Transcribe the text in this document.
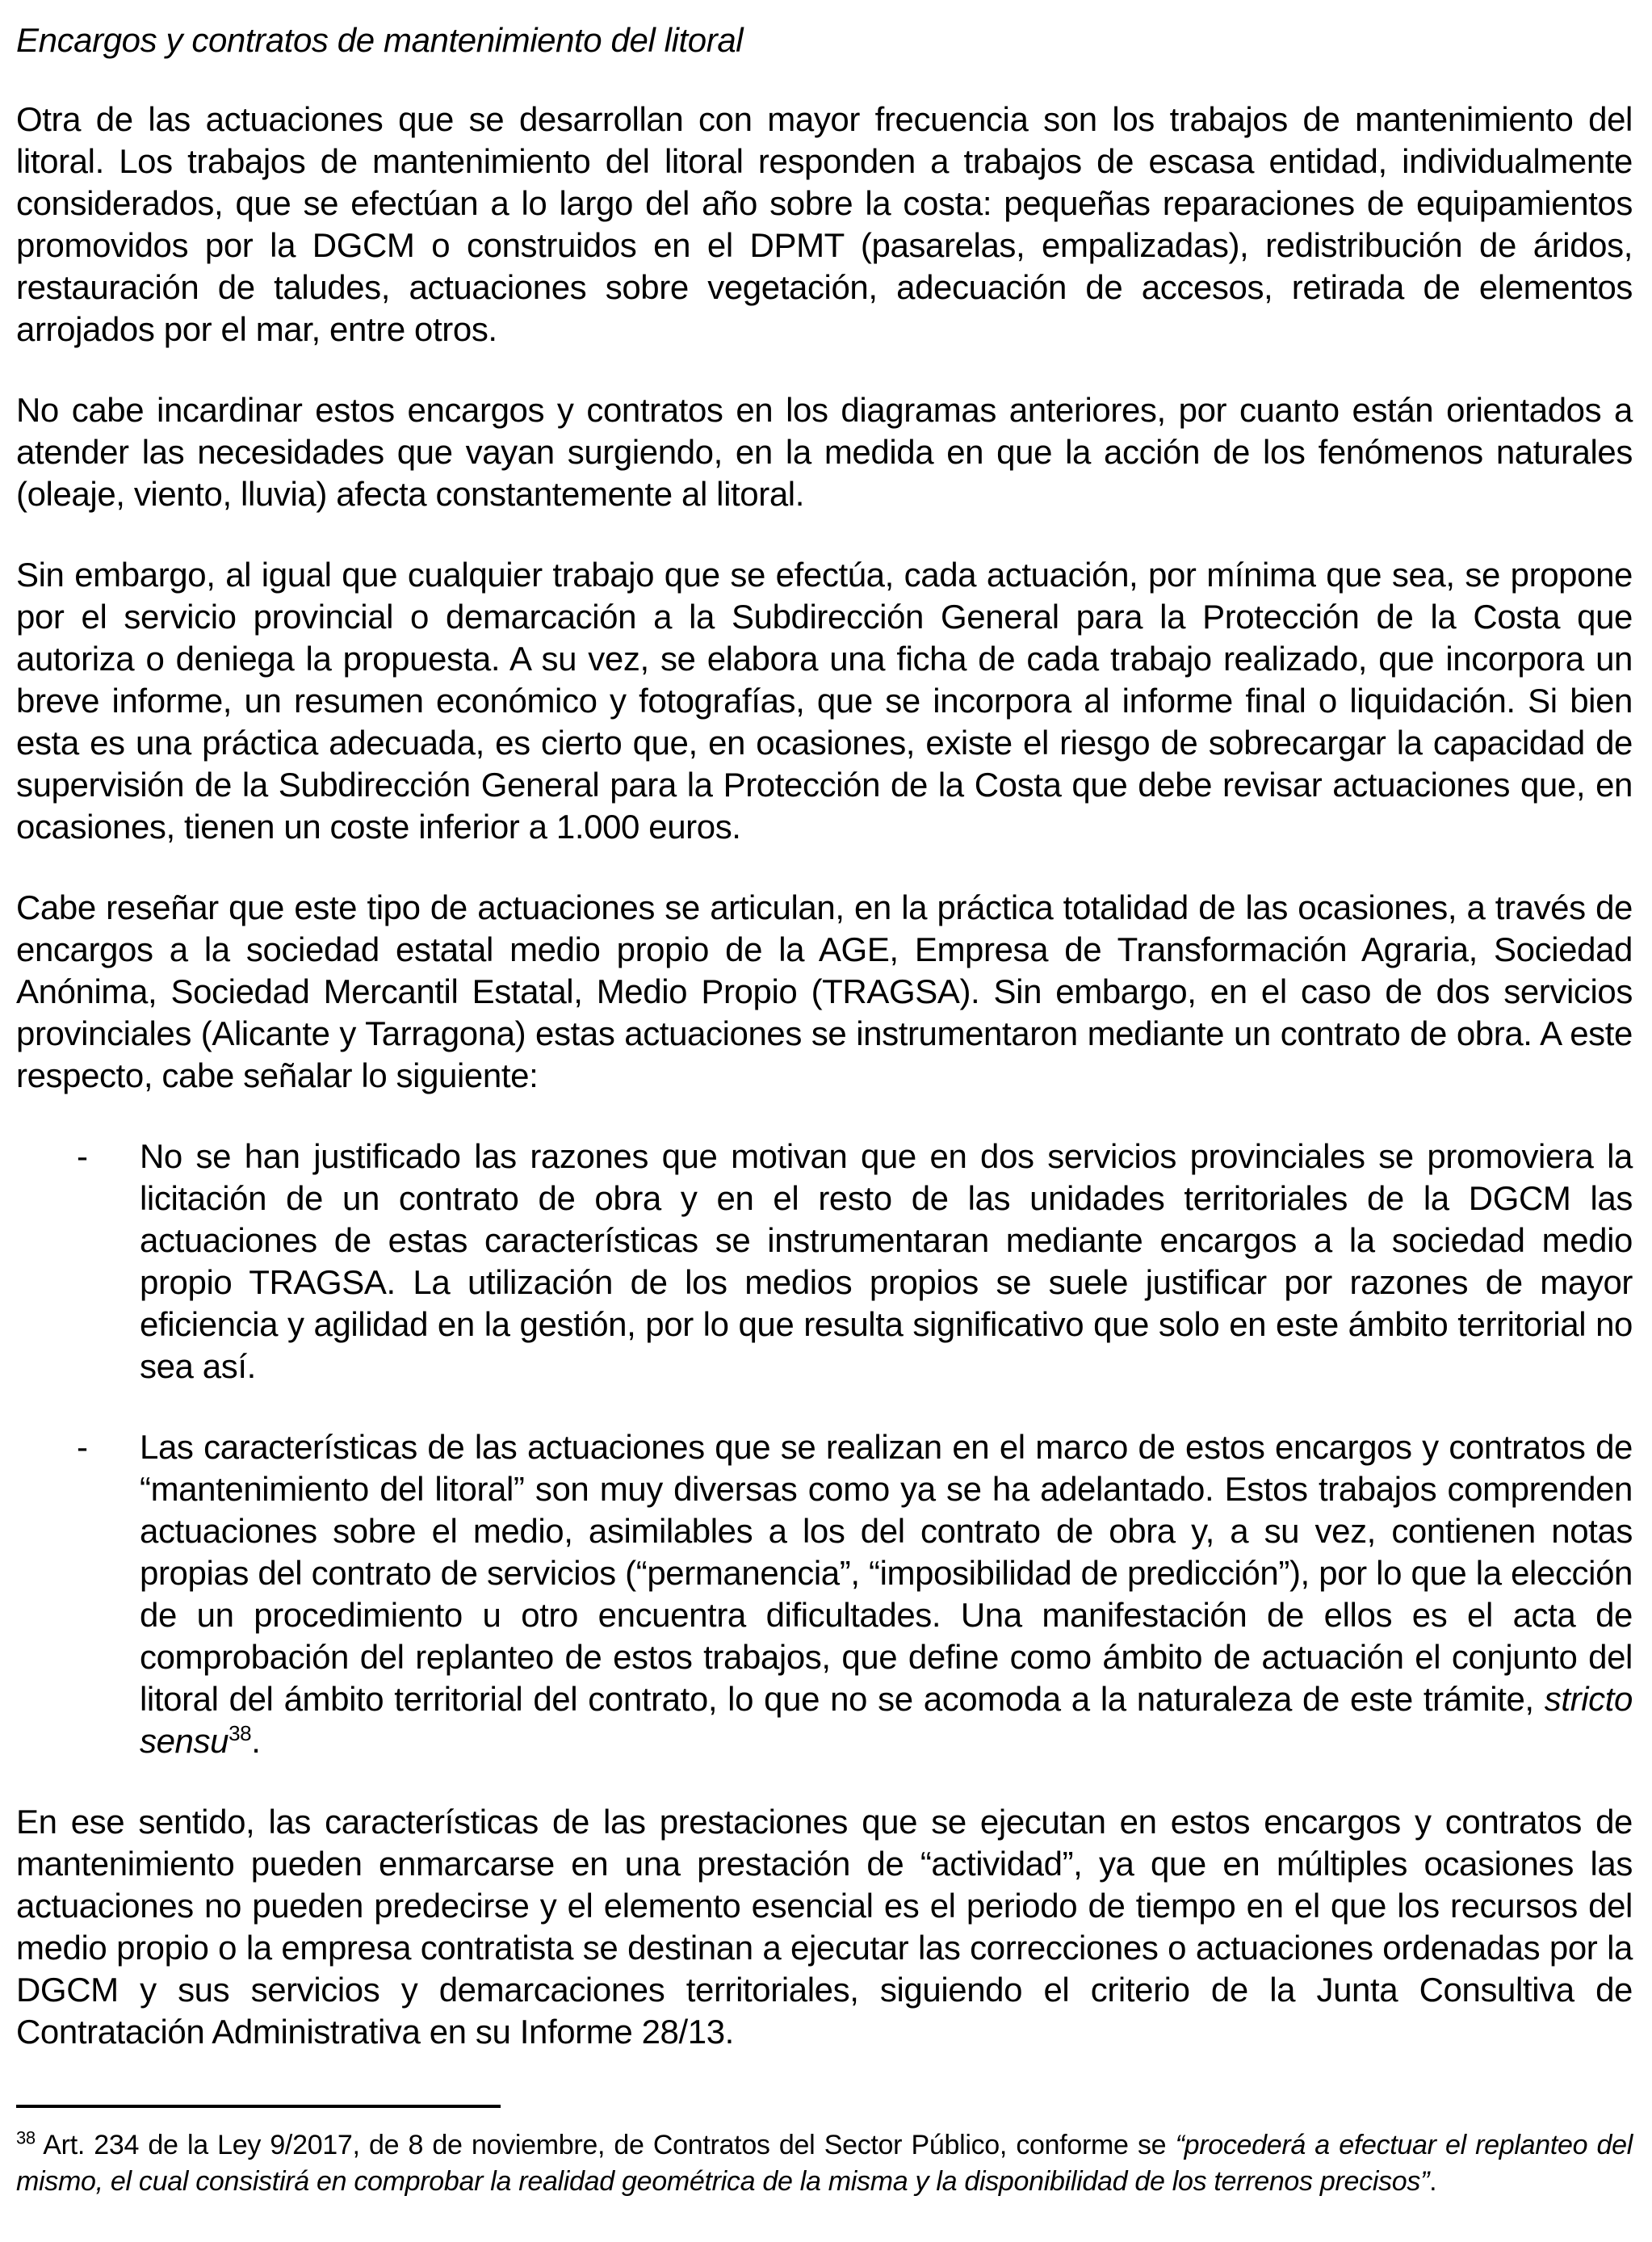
Encargos y contratos de mantenimiento del litoral

Otra de las actuaciones que se desarrollan con mayor frecuencia son los trabajos de mantenimiento del litoral. Los trabajos de mantenimiento del litoral responden a trabajos de escasa entidad, individualmente considerados, que se efectúan a lo largo del año sobre la costa: pequeñas reparaciones de equipamientos promovidos por la DGCM o construidos en el DPMT (pasarelas, empalizadas), redistribución de áridos, restauración de taludes, actuaciones sobre vegetación, adecuación de accesos, retirada de elementos arrojados por el mar, entre otros.

No cabe incardinar estos encargos y contratos en los diagramas anteriores, por cuanto están orientados a atender las necesidades que vayan surgiendo, en la medida en que la acción de los fenómenos naturales (oleaje, viento, lluvia) afecta constantemente al litoral.

Sin embargo, al igual que cualquier trabajo que se efectúa, cada actuación, por mínima que sea, se propone por el servicio provincial o demarcación a la Subdirección General para la Protección de la Costa que autoriza o deniega la propuesta. A su vez, se elabora una ficha de cada trabajo realizado, que incorpora un breve informe, un resumen económico y fotografías, que se incorpora al informe final o liquidación. Si bien esta es una práctica adecuada, es cierto que, en ocasiones, existe el riesgo de sobrecargar la capacidad de supervisión de la Subdirección General para la Protección de la Costa que debe revisar actuaciones que, en ocasiones, tienen un coste inferior a 1.000 euros.

Cabe reseñar que este tipo de actuaciones se articulan, en la práctica totalidad de las ocasiones, a través de encargos a la sociedad estatal medio propio de la AGE, Empresa de Transformación Agraria, Sociedad Anónima, Sociedad Mercantil Estatal, Medio Propio (TRAGSA). Sin embargo, en el caso de dos servicios provinciales (Alicante y Tarragona) estas actuaciones se instrumentaron mediante un contrato de obra. A este respecto, cabe señalar lo siguiente:

- No se han justificado las razones que motivan que en dos servicios provinciales se promoviera la licitación de un contrato de obra y en el resto de las unidades territoriales de la DGCM las actuaciones de estas características se instrumentaran mediante encargos a la sociedad medio propio TRAGSA. La utilización de los medios propios se suele justificar por razones de mayor eficiencia y agilidad en la gestión, por lo que resulta significativo que solo en este ámbito territorial no sea así.
- Las características de las actuaciones que se realizan en el marco de estos encargos y contratos de “mantenimiento del litoral” son muy diversas como ya se ha adelantado. Estos trabajos comprenden actuaciones sobre el medio, asimilables a los del contrato de obra y, a su vez, contienen notas propias del contrato de servicios (“permanencia”, “imposibilidad de predicción”), por lo que la elección de un procedimiento u otro encuentra dificultades. Una manifestación de ellos es el acta de comprobación del replanteo de estos trabajos, que define como ámbito de actuación el conjunto del litoral del ámbito territorial del contrato, lo que no se acomoda a la naturaleza de este trámite, stricto sensu$^{38}$.

En ese sentido, las características de las prestaciones que se ejecutan en estos encargos y contratos de mantenimiento pueden enmarcarse en una prestación de “actividad”, ya que en múltiples ocasiones las actuaciones no pueden predecirse y el elemento esencial es el periodo de tiempo en el que los recursos del medio propio o la empresa contratista se destinan a ejecutar las correcciones o actuaciones ordenadas por la DGCM y sus servicios y demarcaciones territoriales, siguiendo el criterio de la Junta Consultiva de Contratación Administrativa en su Informe 28/13.

$^{38}$ Art. 234 de la Ley 9/2017, de 8 de noviembre, de Contratos del Sector Público, conforme se “procederá a efectuar el replanteo del mismo, el cual consistirá en comprobar la realidad geométrica de la misma y la disponibilidad de los terrenos precisos”.
